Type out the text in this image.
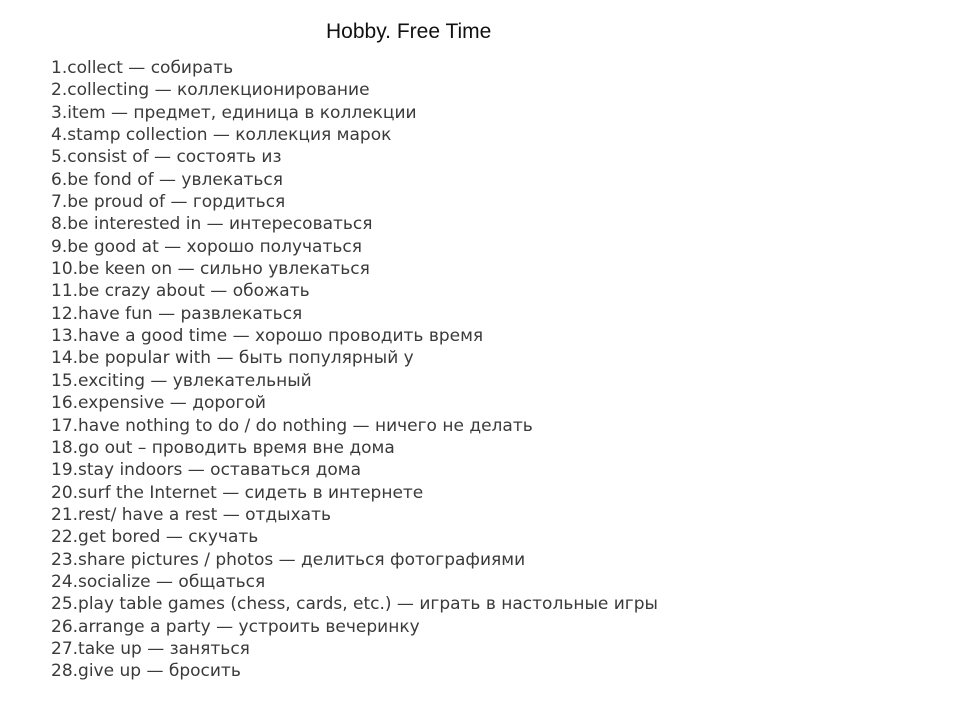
Hobby. Free Time
1.collect — собирать
2.collecting — коллекционирование
3.item — предмет, единица в коллекции
4.stamp collection — коллекция марок
5.consist of — состоять из
6.be fond of — увлекаться
7.be proud of — гордиться
8.be interested in — интересоваться
9.be good at — хорошо получаться
10.be keen on — сильно увлекаться
11.be crazy about — обожать
12.have fun — развлекаться
13.have a good time — хорошо проводить время
14.be popular with — быть популярный у
15.exciting — увлекательный
16.expensive — дорогой
17.have nothing to do / do nothing — ничего не делать
18.go out – проводить время вне дома
19.stay indoors — оставаться дома
20.surf the Internet — сидеть в интернете
21.rest/ have a rest — отдыхать
22.get bored — скучать
23.share pictures / photos — делиться фотографиями
24.socialize — общаться
25.play table games (chess, cards, etc.) — играть в настольные игры
26.arrange a party — устроить вечеринку
27.take up — заняться
28.give up — бросить
